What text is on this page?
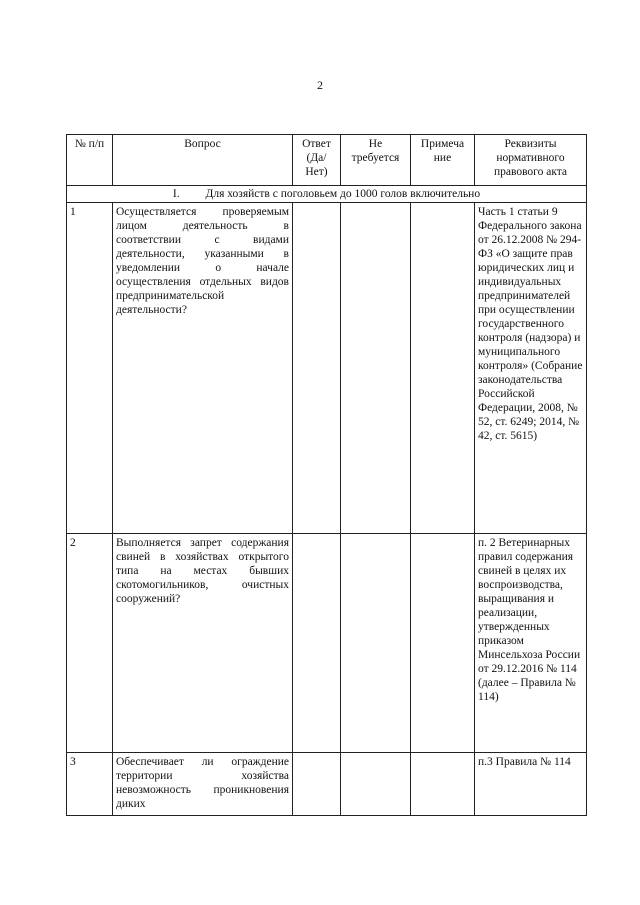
2
№ п/п	Вопрос	Ответ (Да/Нет)	Не требуется	Примеча ние	Реквизиты нормативного правового акта
I.         Для хозяйств с поголовьем до 1000 голов включительно					
1	Осуществляется проверяемым лицом деятельность в соответствии с видами деятельности, указанными в уведомлении о начале осуществления отдельных видов предпринимательской деятельности?				Часть 1 статьи 9 Федерального закона от 26.12.2008 № 294-ФЗ «О защите прав юридических лиц и индивидуальных предпринимателей при осуществлении государственного контроля (надзора) и муниципального контроля» (Собрание законодательства Российской Федерации, 2008, № 52, ст. 6249; 2014, № 42, ст. 5615)
2	Выполняется запрет содержания свиней в хозяйствах открытого типа на местах бывших скотомогильников, очистных сооружений?				п. 2 Ветеринарных правил содержания свиней в целях их воспроизводства, выращивания и реализации, утвержденных приказом Минсельхоза России от 29.12.2016 № 114 (далее – Правила № 114)
3	Обеспечивает ли ограждение территории хозяйства невозможность проникновения диких				п.3 Правила № 114
